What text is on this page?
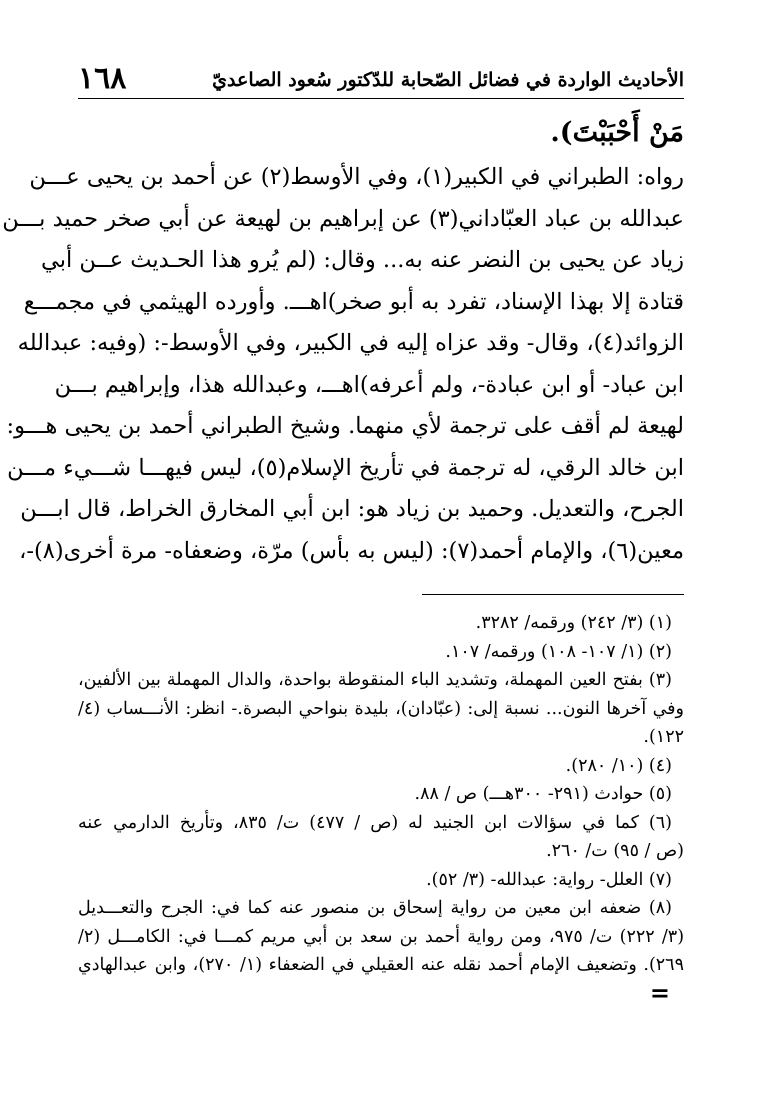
الأحاديث الواردة في فضائل الصّحابة للدّكتور سُعود الصاعديّ
١٦٨
مَنْ أَحْبَبْتَ).
رواه: الطبراني في الكبير(١)، وفي الأوسط(٢) عن أحمد بن يحيى عـــن
عبدالله بن عباد العبّاداني(٣) عن إبراهيم بن لهيعة عن أبي صخر حميد بـــن
زياد عن يحيى بن النضر عنه به... وقال: (لم يُرو هذا الحـديث عــن أبي
قتادة إلا بهذا الإسناد، تفرد به أبو صخر)اهـــ. وأورده الهيثمي في مجمـــع
الزوائد(٤)، وقال- وقد عزاه إليه في الكبير، وفي الأوسط-: (وفيه: عبدالله
ابن عباد- أو ابن عبادة-، ولم أعرفه)اهـــ، وعبدالله هذا، وإبراهيم بـــن
لهيعة لم أقف على ترجمة لأي منهما. وشيخ الطبراني أحمد بن يحيى هـــو:
ابن خالد الرقي، له ترجمة في تأريخ الإسلام(٥)، ليس فيهـــا شـــيء مـــن
الجرح، والتعديل. وحميد بن زياد هو: ابن أبي المخارق الخراط، قال ابـــن
معين(٦)، والإمام أحمد(٧): (ليس به بأس) مرّة، وضعفاه- مرة أخرى(٨)-،
(١) (٣/ ٢٤٢) ورقمه/ ٣٢٨٢.
(٢) (١/ ١٠٧- ١٠٨) ورقمه/ ١٠٧.
(٣) بفتح العين المهملة، وتشديد الباء المنقوطة بواحدة، والدال المهملة بين الألفين،
وفي آخرها النون... نسبة إلى: (عبّادان)، بليدة بنواحي البصرة.- انظر: الأنـــساب (٤/
١٢٢).
(٤) (١٠/ ٢٨٠).
(٥) حوادث (٢٩١- ٣٠٠هـــ) ص / ٨٨.
(٦) كما في سؤالات ابن الجنيد له (ص / ٤٧٧) ت/ ٨٣٥، وتأريخ الدارمي عنه
(ص / ٩٥) ت/ ٢٦٠.
(٧) العلل- رواية: عبدالله- (٣/ ٥٢).
(٨) ضعفه ابن معين من رواية إسحاق بن منصور عنه كما في: الجرح والتعـــديل
(٣/ ٢٢٢) ت/ ٩٧٥، ومن رواية أحمد بن سعد بن أبي مريم كمـــا في: الكامـــل (٢/
٢٦٩). وتضعيف الإمام أحمد نقله عنه العقيلي في الضعفاء (١/ ٢٧٠)، وابن عبدالهادي
=
